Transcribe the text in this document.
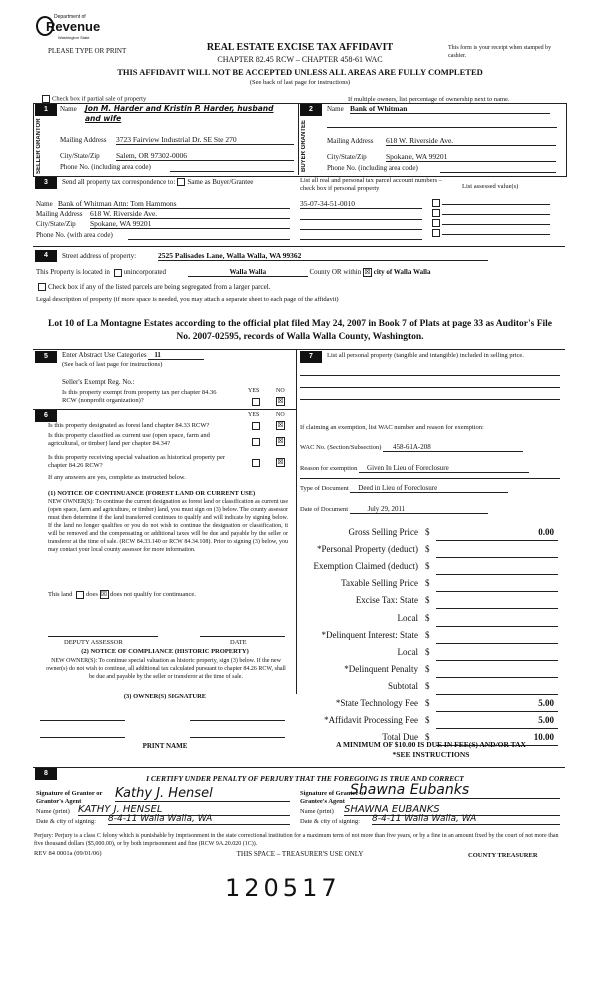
Department of
Revenue
Washington State
PLEASE TYPE OR PRINT	REAL ESTATE EXCISE TAX AFFIDAVIT
CHAPTER 82.45 RCW – CHAPTER 458-61 WAC
THIS AFFIDAVIT WILL NOT BE ACCEPTED UNLESS ALL AREAS ARE FULLY COMPLETED
(See back of last page for instructions)
This form is your receipt when stamped by cashier.
Check box if partial sale of property	If multiple owners, list percentage of ownership next to name.
1
SELLER GRANTOR
Name Jon M. Harder and Kristin P. Harder, husband and wife
Mailing Address 3723 Fairview Industrial Dr. SE Ste 270
City/State/Zip Salem, OR 97302-0006
Phone No. (including area code)
2
BUYER GRANTEE
Name Bank of Whitman
Mailing Address 618 W. Riverside Ave.
City/State/Zip	Spokane, WA 99201
Phone No. (including area code)
3	Send all property tax correspondence to: Same as Buyer/Grantee	List all real and personal tax parcel account numbers – check box if personal property	List assessed value(s)
Name Bank of Whitman Attn: Tom Hammons
Mailing Address 618 W. Riverside Ave.
City/State/Zip Spokane, WA 99201
Phone No. (with area code)
35-07-34-51-0010
4	Street address of property:	2525 Palisades Lane, Walla Walla, WA 99362
This Property is located in unincorporated	Walla Walla	County OR within ☒ city of Walla Walla
Check box if any of the listed parcels are being segregated from a larger parcel.
Legal description of property (if more space is needed, you may attach a separate sheet to each page of the affidavit)
Lot 10 of La Montagne Estates according to the official plat filed May 24, 2007 in Book 7 of Plats at page 33 as Auditor's File No. 2007-02595, records of Walla Walla County, Washington.
5	Enter Abstract Use Categories 11
(See back of last page for instructions)
Seller's Exempt Reg. No.:
YES	NO
Is this property exempt from property tax per chapter 84.36 RCW (nonprofit organization)?	☒
6	YES	NO
Is this property designated as forest land chapter 84.33 RCW?	☒
Is this property classified as current use (open space, farm and agricultural, or timber) land per chapter 84.34?	☒
Is this property receiving special valuation as historical property per chapter 84.26 RCW?	☒
If any answers are yes, complete as instructed below.
(1) NOTICE OF CONTINUANCE (FOREST LAND OR CURRENT USE)
NEW OWNER(S): To continue the current designation as forest land or classification as current use (open space, farm and agriculture, or timber) land, you must sign on (3) below. The county assessor must then determine if the land transferred continues to qualify and will indicate by signing below. If the land no longer qualifies or you do not wish to continue the designation or classification, it will be removed and the compensating or additional taxes will be due and payable by the seller or transferor at the time of sale. (RCW 84.33.140 or RCW 84.34.108). Prior to signing (3) below, you may contact your local county assessor for more information.
This land does ☒ does not qualify for continuance.
DEPUTY ASSESSOR	DATE
(2) NOTICE OF COMPLIANCE (HISTORIC PROPERTY)
NEW OWNER(S): To continue special valuation as historic property, sign (3) below. If the new owner(s) do not wish to continue, all additional tax calculated pursuant to chapter 84.26 RCW, shall be due and payable by the seller or transferor at the time of sale.
(3) OWNER(S) SIGNATURE
PRINT NAME
7	List all personal property (tangible and intangible) included in selling price.
If claiming an exemption, list WAC number and reason for exemption:
WAC No. (Section/Subsection) 458-61A-208
Reason for exemption Given In Lieu of Foreclosure
Type of Document Deed in Lieu of Foreclosure
Date of Document	July 29, 2011
Gross Selling Price $	0.00
*Personal Property (deduct) $
Exemption Claimed (deduct) $
Taxable Selling Price $
Excise Tax: State $
Local $
*Delinquent Interest: State $
Local $
*Delinquent Penalty $
Subtotal $
*State Technology Fee $	5.00
*Affidavit Processing Fee $	5.00
Total Due $	10.00
A MINIMUM OF $10.00 IS DUE IN FEE(S) AND/OR TAX
*SEE INSTRUCTIONS
8
I CERTIFY UNDER PENALTY OF PERJURY THAT THE FOREGOING IS TRUE AND CORRECT
Signature of Grantor or Grantor's Agent
Kathy J. Hensel
Name (print) KATHY J. HENSEL
Date & city of signing: 8-4-11 Walla Walla, WA
Signature of Grantee or Grantee's Agent
Shawna Eubanks
Name (print) SHAWNA EUBANKS
Date & city of signing: 8-4-11 Walla Walla, WA
Perjury: Perjury is a class C felony which is punishable by imprisonment in the state correctional institution for a maximum term of not more than five years, or by a fine in an amount fixed by the court of not more than five thousand dollars ($5,000.00), or by both imprisonment and fine (RCW 9A.20.020 (1C)).
REV 84 0001a (09/01/06)	THIS SPACE – TREASURER'S USE ONLY	COUNTY TREASURER
120517
